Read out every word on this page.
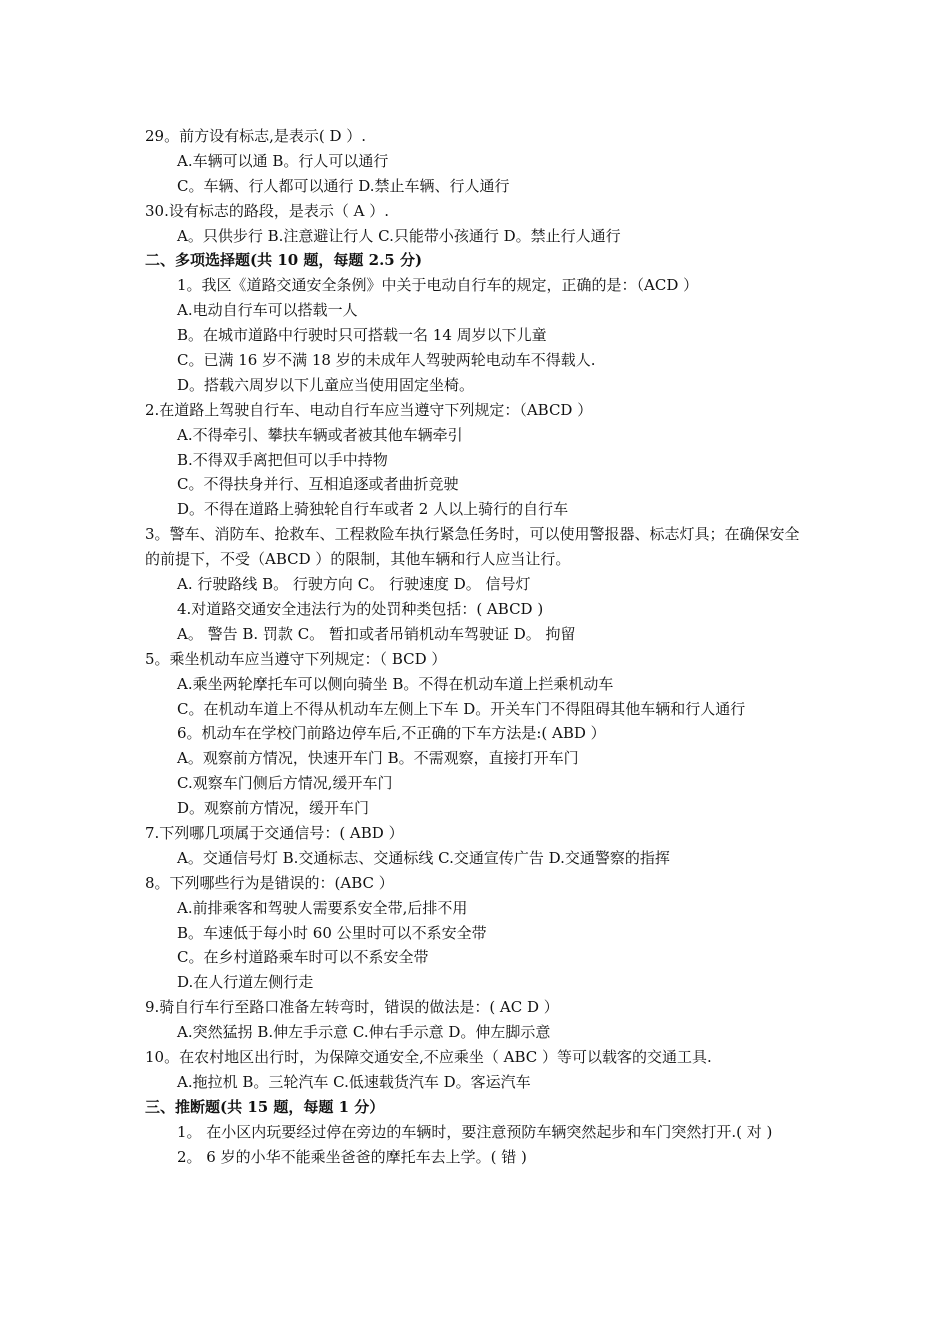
29。前方设有标志,是表示( D ）.
A.车辆可以通 B。行人可以通行
C。车辆、行人都可以通行 D.禁止车辆、行人通行
30.设有标志的路段，是表示（ A ）.
A。只供步行 B.注意避让行人 C.只能带小孩通行 D。禁止行人通行
二、多项选择题(共 10 题，每题 2.5 分)
1。我区《道路交通安全条例》中关于电动自行车的规定，正确的是：（ACD ）
A.电动自行车可以搭载一人
B。在城市道路中行驶时只可搭载一名 14 周岁以下儿童
C。已满 16 岁不满 18 岁的未成年人驾驶两轮电动车不得载人.
D。搭载六周岁以下儿童应当使用固定坐椅。
2.在道路上驾驶自行车、电动自行车应当遵守下列规定：（ABCD ）
A.不得牵引、攀扶车辆或者被其他车辆牵引
B.不得双手离把但可以手中持物
C。不得扶身并行、互相追逐或者曲折竞驶
D。不得在道路上骑独轮自行车或者 2 人以上骑行的自行车
3。警车、消防车、抢救车、工程救险车执行紧急任务时，可以使用警报器、标志灯具；在确保安全的前提下，不受（ABCD ）的限制，其他车辆和行人应当让行。
A. 行驶路线 B。 行驶方向 C。 行驶速度 D。 信号灯
4.对道路交通安全违法行为的处罚种类包括：( ABCD )
A。 警告 B. 罚款 C。 暂扣或者吊销机动车驾驶证 D。 拘留
5。乘坐机动车应当遵守下列规定：（ BCD ）
A.乘坐两轮摩托车可以侧向骑坐 B。不得在机动车道上拦乘机动车
C。在机动车道上不得从机动车左侧上下车 D。开关车门不得阻碍其他车辆和行人通行
6。机动车在学校门前路边停车后,不正确的下车方法是:( ABD ）
A。观察前方情况，快速开车门 B。不需观察，直接打开车门
C.观察车门侧后方情况,缓开车门
D。观察前方情况，缓开车门
7.下列哪几项属于交通信号：( ABD ）
A。交通信号灯 B.交通标志、交通标线 C.交通宣传广告 D.交通警察的指挥
8。下列哪些行为是错误的：(ABC ）
A.前排乘客和驾驶人需要系安全带,后排不用
B。车速低于每小时 60 公里时可以不系安全带
C。在乡村道路乘车时可以不系安全带
D.在人行道左侧行走
9.骑自行车行至路口准备左转弯时，错误的做法是：( AC D ）
A.突然猛拐 B.伸左手示意 C.伸右手示意 D。伸左脚示意
10。在农村地区出行时，为保障交通安全,不应乘坐（ ABC ）等可以载客的交通工具.
A.拖拉机 B。三轮汽车 C.低速载货汽车 D。客运汽车
三、推断题(共 15 题，每题 1 分）
1。 在小区内玩要经过停在旁边的车辆时，要注意预防车辆突然起步和车门突然打开.( 对 )
2。 6 岁的小华不能乘坐爸爸的摩托车去上学。( 错 )
